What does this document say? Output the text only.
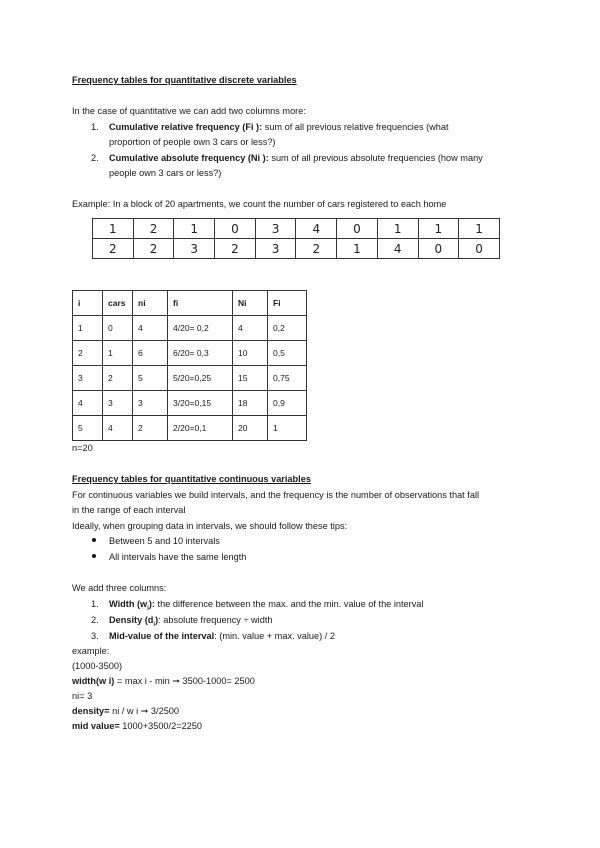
Frequency tables for quantitative discrete variables
In the case of quantitative we can add two columns more:
1. Cumulative relative frequency (Fi ): sum of all previous relative frequencies (what
proportion of people own 3 cars or less?)
2. Cumulative absolute frequency (Ni ): sum of all previous absolute frequencies (how many
people own 3 cars or less?)
Example: In a block of 20 apartments, we count the number of cars registered to each home
1	2	1	0	3	4	0	1	1	1
2	2	3	2	3	2	1	4	0	0
i	cars	ni	fi	Ni	Fi
1	0	4	4/20= 0,2	4	0,2
2	1	6	6/20= 0,3	10	0,5
3	2	5	5/20=0,25	15	0,75
4	3	3	3/20=0,15	18	0,9
5	4	2	2/20=0,1	20	1
n=20
Frequency tables for quantitative continuous variables
For continuous variables we build intervals, and the frequency is the number of observations that fall
in the range of each interval
Ideally, when grouping data in intervals, we should follow these tips:
Between 5 and 10 intervals
All intervals have the same length
We add three columns:
1. Width $(w_i)$: the difference between the max. and the min. value of the interval
2. Density $(d_i)$: absolute frequency ÷ width
3. Mid-value of the interval: (min. value + max. value) / 2
example:
(1000-3500)
width(w i) = max i - min ➞ 3500-1000= 2500
ni= 3
density= ni / w i ➞ 3/2500
mid value= 1000+3500/2=2250
